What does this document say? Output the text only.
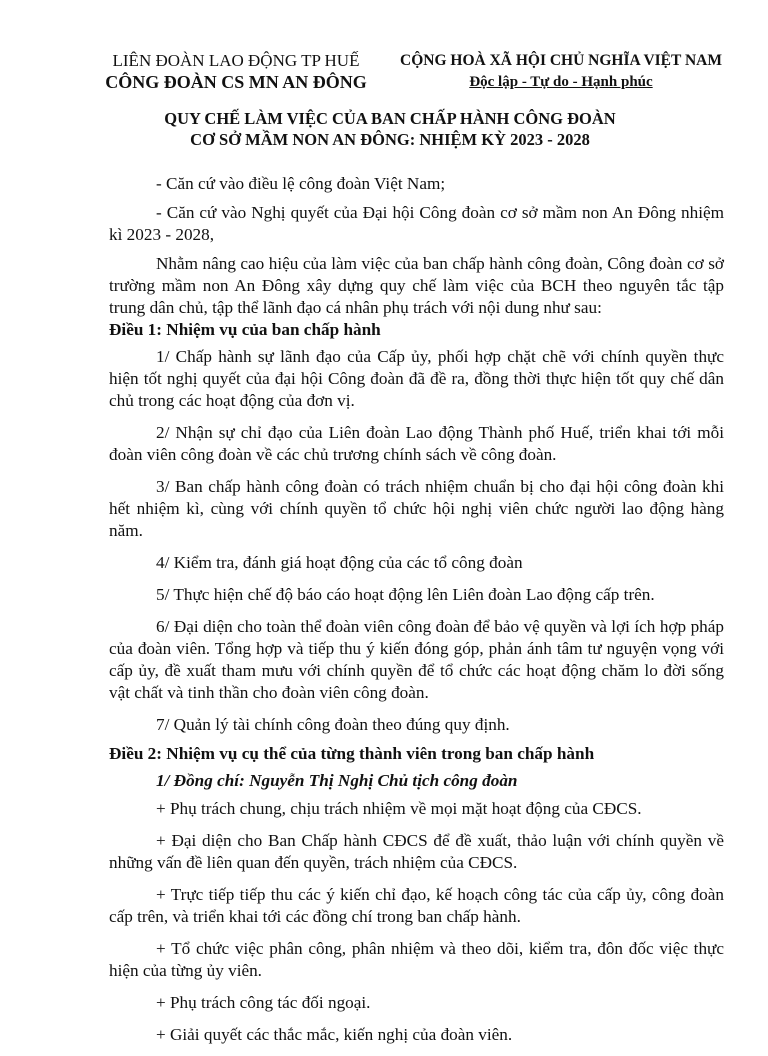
LIÊN ĐOÀN LAO ĐỘNG TP HUẾ
CÔNG ĐOÀN CS MN AN ĐÔNG
CỘNG HOÀ XÃ HỘI CHỦ NGHĨA VIỆT NAM
Độc lập - Tự do - Hạnh phúc
QUY CHẾ LÀM VIỆC CỦA BAN CHẤP HÀNH CÔNG ĐOÀN
CƠ SỞ MẦM NON AN ĐÔNG: NHIỆM KỲ 2023 - 2028

- Căn cứ vào điều lệ công đoàn Việt Nam;

- Căn cứ vào Nghị quyết của Đại hội Công đoàn cơ sở mầm non An Đông nhiệm kì 2023 - 2028,

Nhằm nâng cao hiệu của làm việc của ban chấp hành công đoàn, Công đoàn cơ sở trường mầm non An Đông xây dựng quy chế làm việc của BCH theo nguyên tắc tập trung dân chủ, tập thể lãnh đạo cá nhân phụ trách với nội dung như sau:

Điều 1: Nhiệm vụ của ban chấp hành

1/ Chấp hành sự lãnh đạo của Cấp ủy, phối hợp chặt chẽ với chính quyền thực hiện tốt nghị quyết của đại hội Công đoàn đã đề ra, đồng thời thực hiện tốt quy chế dân chủ trong các hoạt động của đơn vị.

2/ Nhận sự chỉ đạo của Liên đoàn Lao động Thành phố Huế, triển khai tới mỗi đoàn viên công đoàn về các chủ trương chính sách về công đoàn.

3/ Ban chấp hành công đoàn có trách nhiệm chuẩn bị cho đại hội công đoàn khi hết nhiệm kì, cùng với chính quyền tổ chức hội nghị viên chức người lao động hàng năm.

4/ Kiểm tra, đánh giá hoạt động của các tổ công đoàn

5/ Thực hiện chế độ báo cáo hoạt động lên Liên đoàn Lao động cấp trên.

6/ Đại diện cho toàn thể đoàn viên công đoàn để bảo vệ quyền và lợi ích hợp pháp của đoàn viên. Tổng hợp và tiếp thu ý kiến đóng góp, phản ánh tâm tư nguyện vọng với cấp ủy, đề xuất tham mưu với chính quyền để tổ chức các hoạt động chăm lo đời sống vật chất và tinh thần cho đoàn viên công đoàn.

7/ Quản lý tài chính công đoàn theo đúng quy định.

Điều 2: Nhiệm vụ cụ thể của từng thành viên trong ban chấp hành
1/ Đồng chí: Nguyễn Thị Nghị Chủ tịch công đoàn

+ Phụ trách chung, chịu trách nhiệm về mọi mặt hoạt động của CĐCS.

+ Đại diện cho Ban Chấp hành CĐCS để đề xuất, thảo luận với chính quyền về những vấn đề liên quan đến quyền, trách nhiệm của CĐCS.

+ Trực tiếp tiếp thu các ý kiến chỉ đạo, kế hoạch công tác của cấp ủy, công đoàn cấp trên, và triển khai tới các đồng chí trong ban chấp hành.

+ Tổ chức việc phân công, phân nhiệm và theo dõi, kiểm tra, đôn đốc việc thực hiện của từng ủy viên.

+ Phụ trách công tác đối ngoại.

+ Giải quyết các thắc mắc, kiến nghị của đoàn viên.
